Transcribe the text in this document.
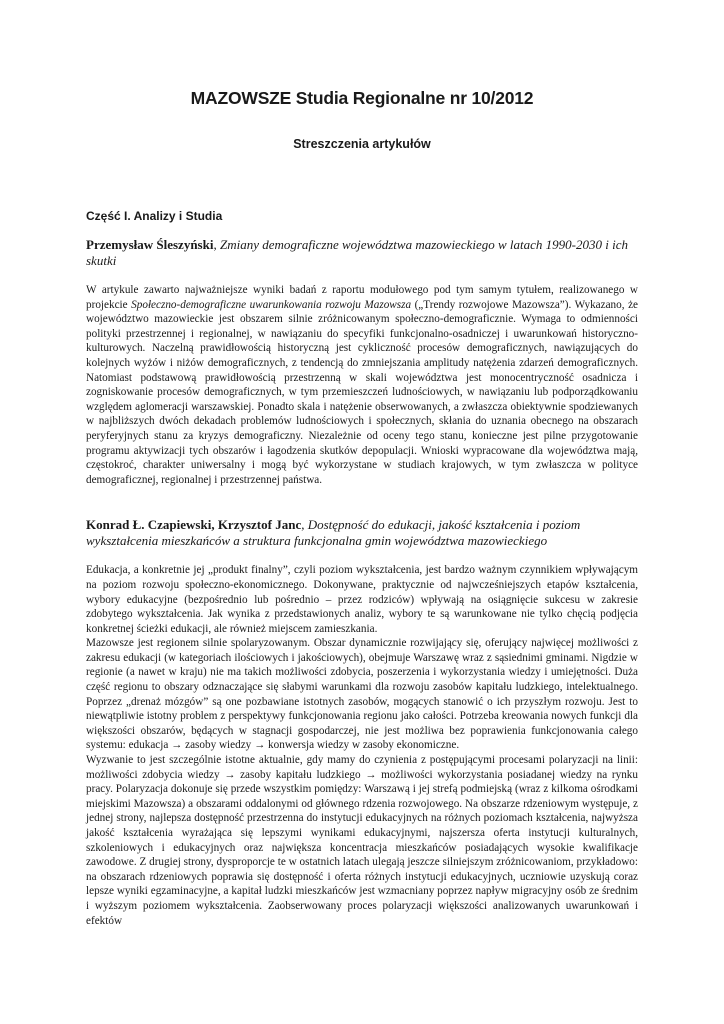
MAZOWSZE Studia Regionalne nr 10/2012
Streszczenia artykułów
Część I. Analizy i Studia
Przemysław Śleszyński, Zmiany demograficzne województwa mazowieckiego w latach 1990-2030 i ich skutki

W artykule zawarto najważniejsze wyniki badań z raportu modułowego pod tym samym tytułem, realizowanego w projekcie Społeczno-demograficzne uwarunkowania rozwoju Mazowsza („Trendy rozwojowe Mazowsza”). Wykazano, że województwo mazowieckie jest obszarem silnie zróżnicowanym społeczno-demograficznie. Wymaga to odmienności polityki przestrzennej i regionalnej, w nawiązaniu do specyfiki funkcjonalno-osadniczej i uwarunkowań historyczno-kulturowych. Naczelną prawidłowością historyczną jest cykliczność procesów demograficznych, nawiązujących do kolejnych wyżów i niżów demograficznych, z tendencją do zmniejszania amplitudy natężenia zdarzeń demograficznych. Natomiast podstawową prawidłowością przestrzenną w skali województwa jest monocentryczność osadnicza i zogniskowanie procesów demograficznych, w tym przemieszczeń ludnościowych, w nawiązaniu lub podporządkowaniu względem aglomeracji warszawskiej. Ponadto skala i natężenie obserwowanych, a zwłaszcza obiektywnie spodziewanych w najbliższych dwóch dekadach problemów ludnościowych i społecznych, skłania do uznania obecnego na obszarach peryferyjnych stanu za kryzys demograficzny. Niezależnie od oceny tego stanu, konieczne jest pilne przygotowanie programu aktywizacji tych obszarów i łagodzenia skutków depopulacji. Wnioski wypracowane dla województwa mają, częstokroć, charakter uniwersalny i mogą być wykorzystane w studiach krajowych, w tym zwłaszcza w polityce demograficznej, regionalnej i przestrzennej państwa.

Konrad Ł. Czapiewski, Krzysztof Janc, Dostępność do edukacji, jakość kształcenia i poziom wykształcenia mieszkańców a struktura funkcjonalna gmin województwa mazowieckiego

Edukacja, a konkretnie jej „produkt finalny”, czyli poziom wykształcenia, jest bardzo ważnym czynnikiem wpływającym na poziom rozwoju społeczno-ekonomicznego. Dokonywane, praktycznie od najwcześniejszych etapów kształcenia, wybory edukacyjne (bezpośrednio lub pośrednio – przez rodziców) wpływają na osiągnięcie sukcesu w zakresie zdobytego wykształcenia. Jak wynika z przedstawionych analiz, wybory te są warunkowane nie tylko chęcią podjęcia konkretnej ścieżki edukacji, ale również miejscem zamieszkania.

Mazowsze jest regionem silnie spolaryzowanym. Obszar dynamicznie rozwijający się, oferujący najwięcej możliwości z zakresu edukacji (w kategoriach ilościowych i jakościowych), obejmuje Warszawę wraz z sąsiednimi gminami. Nigdzie w regionie (a nawet w kraju) nie ma takich możliwości zdobycia, poszerzenia i wykorzystania wiedzy i umiejętności. Duża część regionu to obszary odznaczające się słabymi warunkami dla rozwoju zasobów kapitału ludzkiego, intelektualnego. Poprzez „drenaż mózgów” są one pozbawiane istotnych zasobów, mogących stanowić o ich przyszłym rozwoju. Jest to niewątpliwie istotny problem z perspektywy funkcjonowania regionu jako całości. Potrzeba kreowania nowych funkcji dla większości obszarów, będących w stagnacji gospodarczej, nie jest możliwa bez poprawienia funkcjonowania całego systemu: edukacja → zasoby wiedzy → konwersja wiedzy w zasoby ekonomiczne.

Wyzwanie to jest szczególnie istotne aktualnie, gdy mamy do czynienia z postępującymi procesami polaryzacji na linii: możliwości zdobycia wiedzy → zasoby kapitału ludzkiego → możliwości wykorzystania posiadanej wiedzy na rynku pracy. Polaryzacja dokonuje się przede wszystkim pomiędzy: Warszawą i jej strefą podmiejską (wraz z kilkoma ośrodkami miejskimi Mazowsza) a obszarami oddalonymi od głównego rdzenia rozwojowego. Na obszarze rdzeniowym występuje, z jednej strony, najlepsza dostępność przestrzenna do instytucji edukacyjnych na różnych poziomach kształcenia, najwyższa jakość kształcenia wyrażająca się lepszymi wynikami edukacyjnymi, najszersza oferta instytucji kulturalnych, szkoleniowych i edukacyjnych oraz największa koncentracja mieszkańców posiadających wysokie kwalifikacje zawodowe. Z drugiej strony, dysproporcje te w ostatnich latach ulegają jeszcze silniejszym zróżnicowaniom, przykładowo: na obszarach rdzeniowych poprawia się dostępność i oferta różnych instytucji edukacyjnych, uczniowie uzyskują coraz lepsze wyniki egzaminacyjne, a kapitał ludzki mieszkańców jest wzmacniany poprzez napływ migracyjny osób ze średnim i wyższym poziomem wykształcenia. Zaobserwowany proces polaryzacji większości analizowanych uwarunkowań i efektów
